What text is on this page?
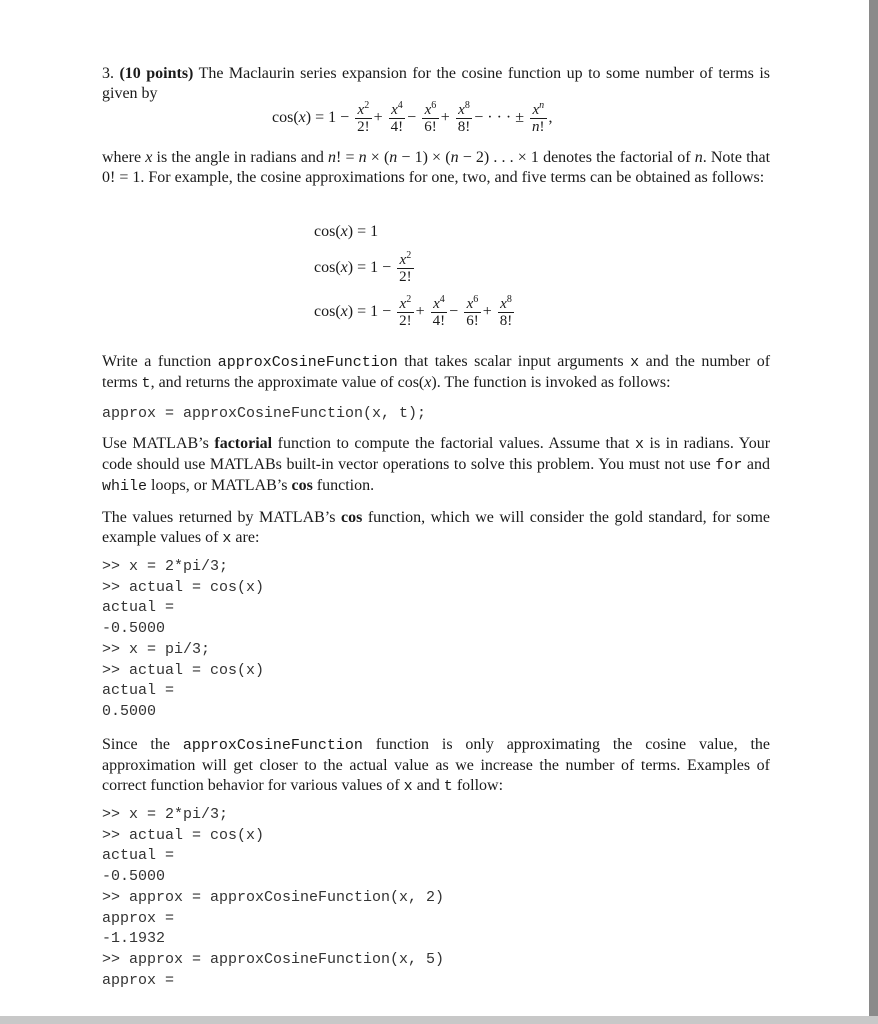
3. (10 points) The Maclaurin series expansion for the cosine function up to some number of terms is given by

$\cos(x) = 1 - \frac{x^2}{2!} + \frac{x^4}{4!} - \frac{x^6}{6!} + \frac{x^8}{8!}$ − · · · ± $\frac{x^n}{n!}$ ,

where x is the angle in radians and n! = n × (n − 1) × (n − 2) . . . × 1 denotes the factorial of n. Note that 0! = 1. For example, the cosine approximations for one, two, and five terms can be obtained as follows:

cos(x) = 1
$\cos(x) = 1 - \frac{x^2}{2!}$
$\cos(x) = 1 - \frac{x^2}{2!} + \frac{x^4}{4!} - \frac{x^6}{6!} + \frac{x^8}{8!}$

Write a function approxCosineFunction that takes scalar input arguments x and the number of terms t, and returns the approximate value of cos(x). The function is invoked as follows:

approx = approxCosineFunction(x, t);

Use MATLAB’s factorial function to compute the factorial values. Assume that x is in radians. Your code should use MATLABs built-in vector operations to solve this problem. You must not use for and while loops, or MATLAB’s cos function.

The values returned by MATLAB’s cos function, which we will consider the gold standard, for some example values of x are:

>> x = 2*pi/3;
>> actual = cos(x)
actual =
-0.5000
>> x = pi/3;
>> actual = cos(x)
actual =
0.5000

Since the approxCosineFunction function is only approximating the cosine value, the approximation will get closer to the actual value as we increase the number of terms. Examples of correct function behavior for various values of x and t follow:

>> x = 2*pi/3;
>> actual = cos(x)
actual =
-0.5000
>> approx = approxCosineFunction(x, 2)
approx =
-1.1932
>> approx = approxCosineFunction(x, 5)
approx =
